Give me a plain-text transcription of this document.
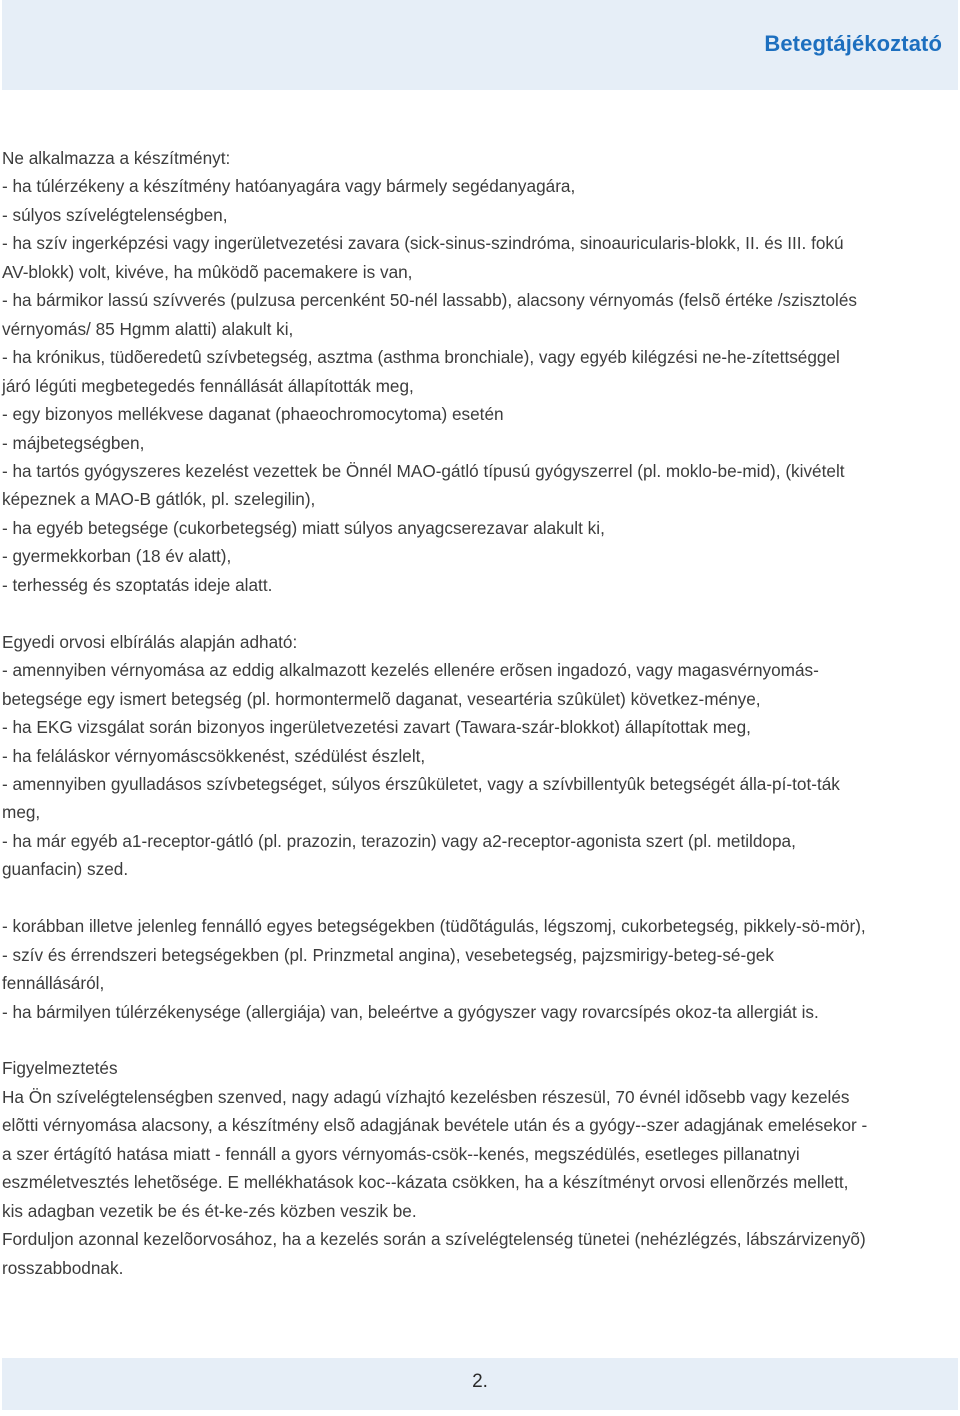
Betegtájékoztató

Ne alkalmazza a készítményt:

- ha túlérzékeny a készítmény hatóanyagára vagy bármely segédanyagára,

- súlyos szívelégtelenségben,

- ha szív ingerképzési vagy ingerületvezetési zavara (sick-sinus-szindróma, sinoauricularis-blokk, II. és III. fokú

AV-blokk) volt, kivéve, ha mûködõ pacemakere is van,

- ha bármikor lassú szívverés (pulzusa percenként 50-nél lassabb), alacsony vérnyomás (felsõ értéke /szisztolés

vérnyomás/ 85 Hgmm alatti) alakult ki,

- ha krónikus, tüdõeredetû szívbetegség, asztma (asthma bronchiale), vagy egyéb kilégzési ne-he-zítettséggel

járó légúti megbetegedés fennállását állapították meg,

- egy bizonyos mellékvese daganat (phaeochromocytoma) esetén

- májbetegségben,

- ha tartós gyógyszeres kezelést vezettek be Önnél MAO-gátló típusú gyógyszerrel (pl. moklo-be-mid), (kivételt

képeznek a MAO-B gátlók, pl. szelegilin),

- ha egyéb betegsége (cukorbetegség) miatt súlyos anyagcserezavar alakult ki,

- gyermekkorban (18 év alatt),

- terhesség és szoptatás ideje alatt.

Egyedi orvosi elbírálás alapján adható:

- amennyiben vérnyomása az eddig alkalmazott kezelés ellenére erõsen ingadozó, vagy magasvérnyomás-

betegsége egy ismert betegség (pl. hormontermelõ daganat, veseartéria szûkület) következ-ménye,

- ha EKG vizsgálat során bizonyos ingerületvezetési zavart (Tawara-szár-blokkot) állapítottak meg,

- ha feláláskor vérnyomáscsökkenést, szédülést észlelt,

- amennyiben gyulladásos szívbetegséget, súlyos érszûkületet, vagy a szívbillentyûk betegségét álla-pí-tot-ták

meg,

- ha már egyéb a1-receptor-gátló (pl. prazozin, terazozin) vagy a2-receptor-agonista szert (pl. metildopa,

guanfacin) szed.

- korábban illetve jelenleg fennálló egyes betegségekben (tüdõtágulás, légszomj, cukorbetegség, pikkely-sö-mör),

- szív és érrendszeri betegségekben (pl. Prinzmetal angina), vesebetegség, pajzsmirigy-beteg-sé-gek

fennállásáról,

- ha bármilyen túlérzékenysége (allergiája) van, beleértve a gyógyszer vagy rovarcsípés okoz-ta allergiát is.

Figyelmeztetés

Ha Ön szívelégtelenségben szenved, nagy adagú vízhajtó kezelésben részesül, 70 évnél idõsebb vagy kezelés

elõtti vérnyomása alacsony, a készítmény elsõ adagjának bevétele után és a gyógy--szer adagjának emelésekor -

a szer értágító hatása miatt - fennáll a gyors vérnyomás-csök--kenés, megszédülés, esetleges pillanatnyi

eszméletvesztés lehetõsége. E mellékhatások koc--kázata csökken, ha a készítményt orvosi ellenõrzés mellett,

kis adagban vezetik be és ét-ke-zés közben veszik be.

Forduljon azonnal kezelõorvosához, ha a kezelés során a szívelégtelenség tünetei (nehézlégzés, lábszárvizenyõ)

rosszabbodnak.

2.
